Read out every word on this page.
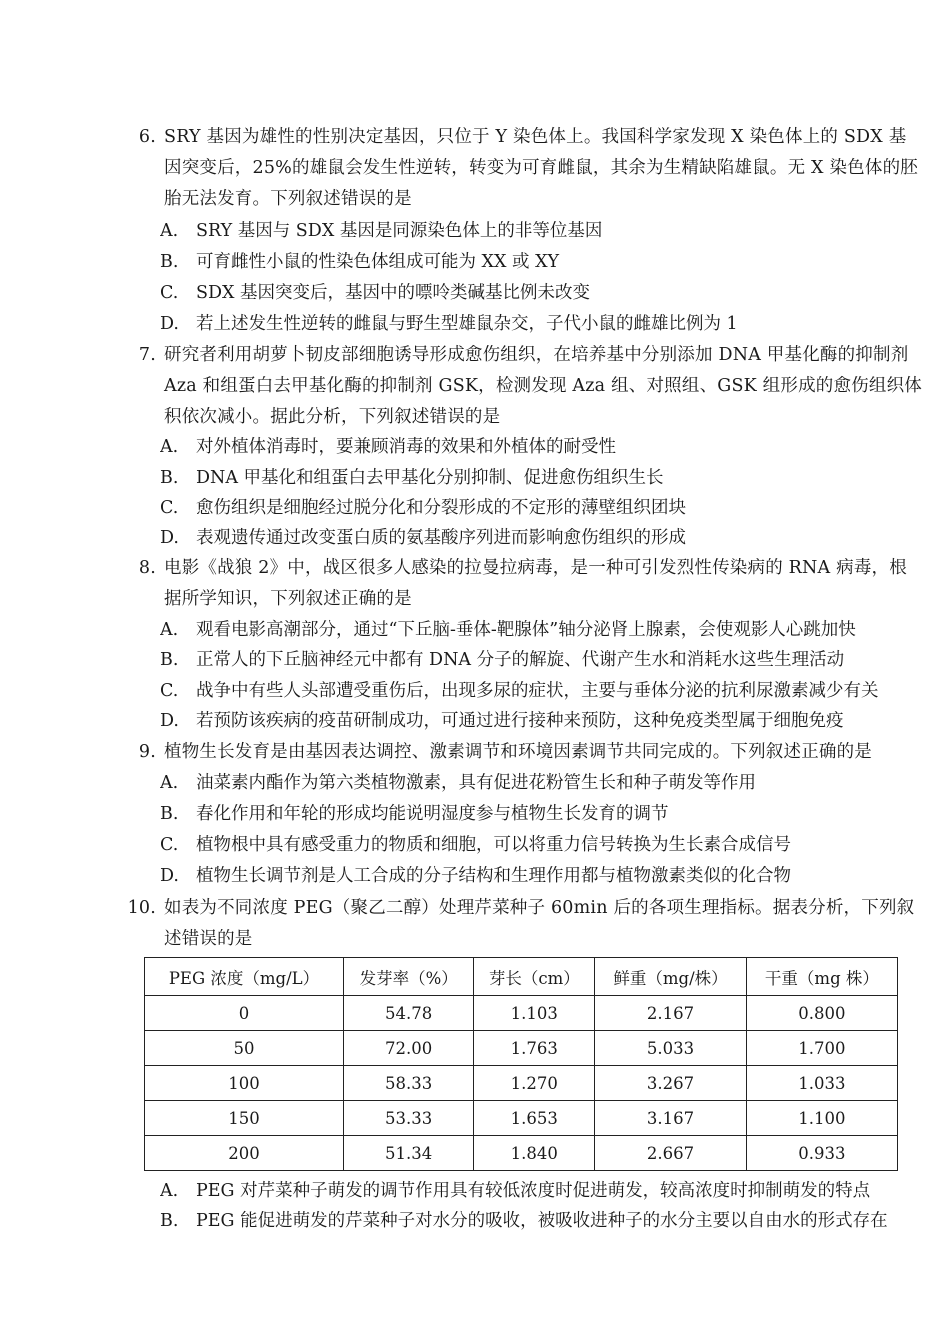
6. SRY 基因为雄性的性别决定基因，只位于 Y 染色体上。我国科学家发现 X 染色体上的 SDX 基因突变后，25%的雄鼠会发生性逆转，转变为可育雌鼠，其余为生精缺陷雄鼠。无 X 染色体的胚胎无法发育。下列叙述错误的是
A. SRY 基因与 SDX 基因是同源染色体上的非等位基因
B. 可育雌性小鼠的性染色体组成可能为 XX 或 XY
C. SDX 基因突变后，基因中的嘌呤类碱基比例未改变
D. 若上述发生性逆转的雌鼠与野生型雄鼠杂交，子代小鼠的雌雄比例为 1
7. 研究者利用胡萝卜韧皮部细胞诱导形成愈伤组织，在培养基中分别添加 DNA 甲基化酶的抑制剂 Aza 和组蛋白去甲基化酶的抑制剂 GSK，检测发现 Aza 组、对照组、GSK 组形成的愈伤组织体积依次减小。据此分析，下列叙述错误的是
A. 对外植体消毒时，要兼顾消毒的效果和外植体的耐受性
B. DNA 甲基化和组蛋白去甲基化分别抑制、促进愈伤组织生长
C. 愈伤组织是细胞经过脱分化和分裂形成的不定形的薄壁组织团块
D. 表观遗传通过改变蛋白质的氨基酸序列进而影响愈伤组织的形成
8. 电影《战狼 2》中，战区很多人感染的拉曼拉病毒，是一种可引发烈性传染病的 RNA 病毒，根据所学知识，下列叙述正确的是
A. 观看电影高潮部分，通过“下丘脑-垂体-靶腺体”轴分泌肾上腺素，会使观影人心跳加快
B. 正常人的下丘脑神经元中都有 DNA 分子的解旋、代谢产生水和消耗水这些生理活动
C. 战争中有些人头部遭受重伤后，出现多尿的症状，主要与垂体分泌的抗利尿激素减少有关
D. 若预防该疾病的疫苗研制成功，可通过进行接种来预防，这种免疫类型属于细胞免疫
9. 植物生长发育是由基因表达调控、激素调节和环境因素调节共同完成的。下列叙述正确的是
A. 油菜素内酯作为第六类植物激素，具有促进花粉管生长和种子萌发等作用
B. 春化作用和年轮的形成均能说明湿度参与植物生长发育的调节
C. 植物根中具有感受重力的物质和细胞，可以将重力信号转换为生长素合成信号
D. 植物生长调节剂是人工合成的分子结构和生理作用都与植物激素类似的化合物
10. 如表为不同浓度 PEG（聚乙二醇）处理芹菜种子 60min 后的各项生理指标。据表分析，下列叙述错误的是
PEG 浓度（mg/L）	发芽率（%）	芽长（cm）	鲜重（mg/株）	干重（mg 株）
0	54.78	1.103	2.167	0.800
50	72.00	1.763	5.033	1.700
100	58.33	1.270	3.267	1.033
150	53.33	1.653	3.167	1.100
200	51.34	1.840	2.667	0.933
A. PEG 对芹菜种子萌发的调节作用具有较低浓度时促进萌发，较高浓度时抑制萌发的特点
B. PEG 能促进萌发的芹菜种子对水分的吸收，被吸收进种子的水分主要以自由水的形式存在
